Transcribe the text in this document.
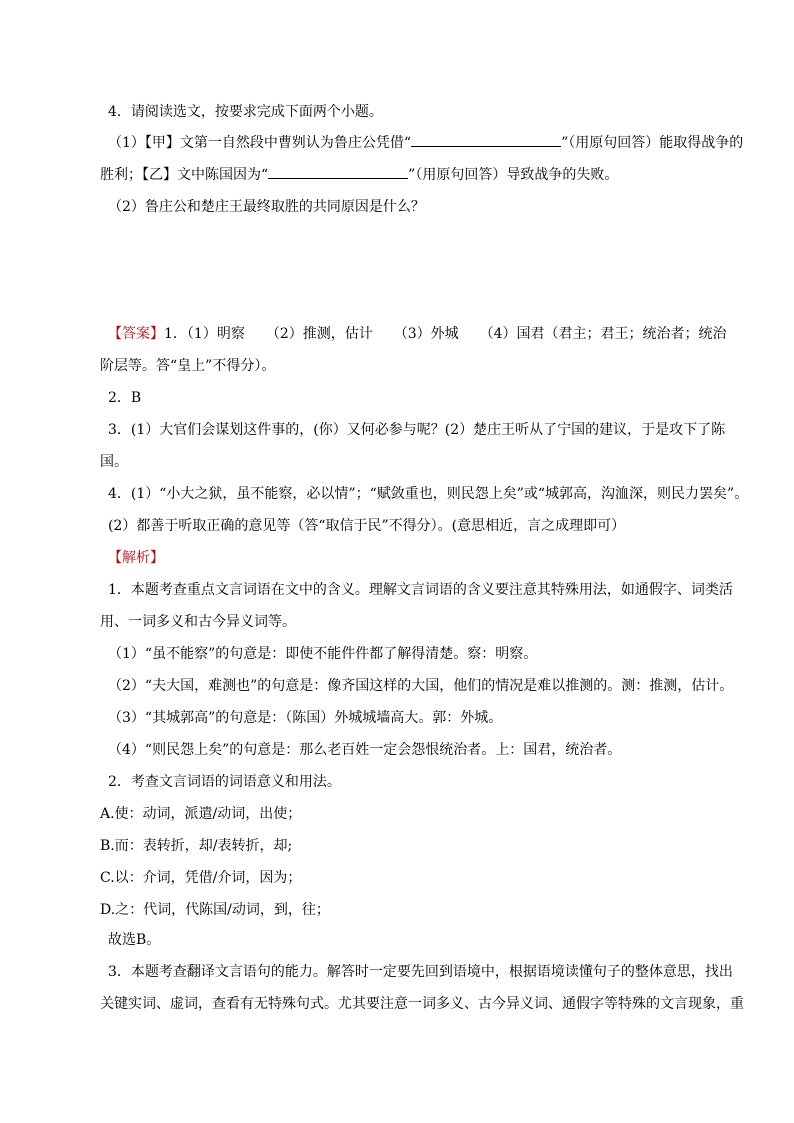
4．请阅读选文，按要求完成下面两个小题。
（1）【甲】文第一自然段中曹刿认为鲁庄公凭借“	”（用原句回答）能取得战争的
胜利；【乙】文中陈国因为“	”（用原句回答）导致战争的失败。
（2）鲁庄公和楚庄王最终取胜的共同原因是什么？
【答案】1．（1）明察　　（2）推测，估计　　（3）外城　　（4）国君（君主；君王；统治者；统治
阶层等。答“皇上”不得分）。
2．B
3．(1）大官们会谋划这件事的，(你）又何必参与呢？(2）楚庄王听从了宁国的建议，于是攻下了陈
国。
4．(1）“小大之狱，虽不能察，必以情”；“赋敛重也，则民怨上矣”或“城郭高，沟洫深，则民力罢矣”。
(2）都善于听取正确的意见等（答“取信于民”不得分）。(意思相近，言之成理即可）
【解析】
1．本题考查重点文言词语在文中的含义。理解文言词语的含义要注意其特殊用法，如通假字、词类活
用、一词多义和古今异义词等。
（1）“虽不能察”的句意是：即使不能件件都了解得清楚。察：明察。
（2）“夫大国，难测也”的句意是：像齐国这样的大国，他们的情况是难以推测的。测：推测，估计。
（3）“其城郭高”的句意是：（陈国）外城城墙高大。郭：外城。
（4）“则民怨上矣”的句意是：那么老百姓一定会怨恨统治者。上：国君，统治者。
2．考查文言词语的词语意义和用法。
A.使：动词，派遣/动词，出使；
B.而：表转折，却/表转折，却;
C.以：介词，凭借/介词，因为；
D.之：代词，代陈国/动词，到，往；
故选B。
3．本题考查翻译文言语句的能力。解答时一定要先回到语境中，根据语境读懂句子的整体意思，找出
关键实词、虚词，查看有无特殊句式。尤其要注意一词多义、古今异义词、通假字等特殊的文言现象，重
